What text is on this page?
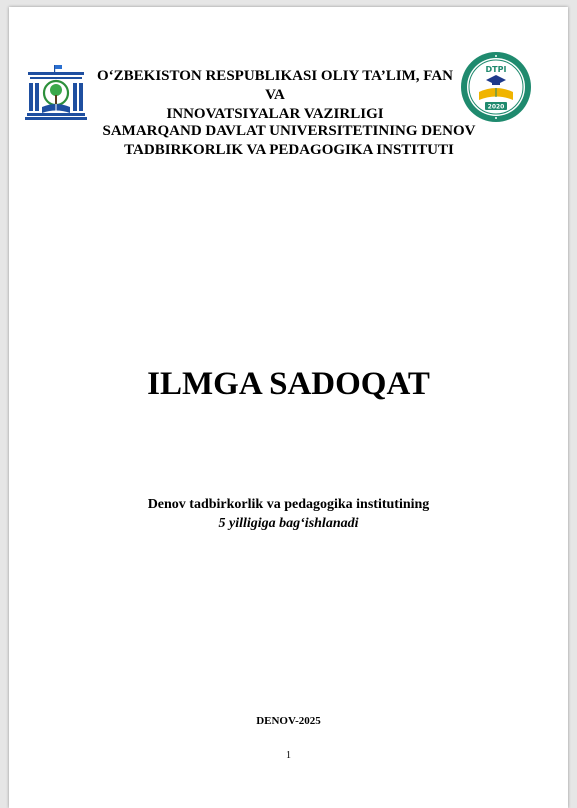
O‘ZBEKISTON RESPUBLIKASI OLIY TA’LIM, FAN VA
INNOVATSIYALAR VAZIRLIGI
DTPI
2020
SAMARQAND DAVLAT UNIVERSITETINING DENOV
TADBIRKORLIK VA PEDAGOGIKA INSTITUTI
ILMGA SADOQAT
Denov tadbirkorlik va pedagogika institutining
5 yilligiga bag‘ishlanadi
DENOV-2025
1
